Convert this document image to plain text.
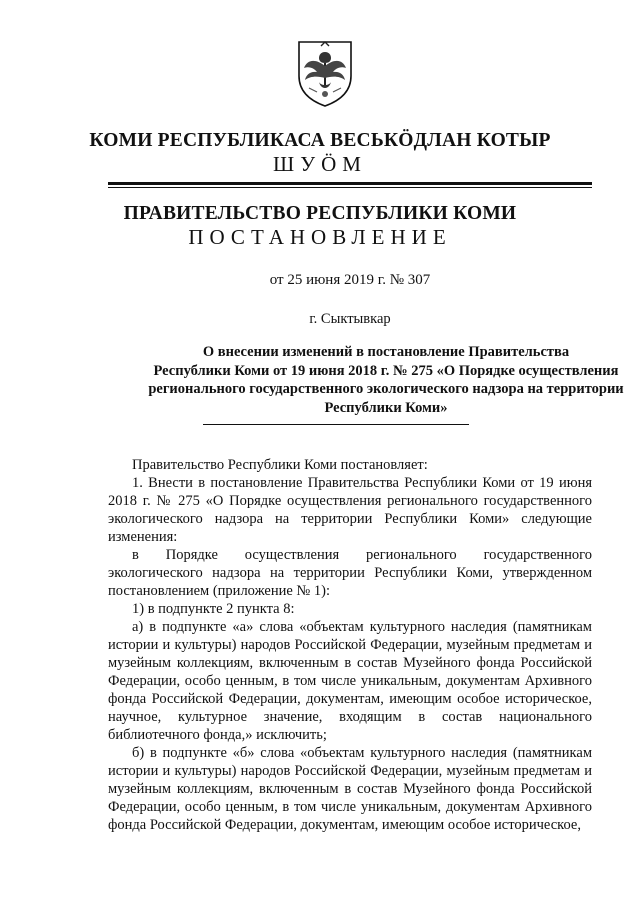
КОМИ РЕСПУБЛИКАСА ВЕСЬКӦДЛАН КОТЫР
ШУӦМ
ПРАВИТЕЛЬСТВО РЕСПУБЛИКИ КОМИ
ПОСТАНОВЛЕНИЕ
от 25 июня 2019 г. № 307
г. Сыктывкар
О внесении изменений в постановление Правительства
Республики Коми от 19 июня 2018 г. № 275 «О Порядке осуществления
регионального государственного экологического надзора на территории
Республики Коми»

Правительство Республики Коми постановляет:

1. Внести в постановление Правительства Республики Коми от 19 июня 2018 г. № 275 «О Порядке осуществления регионального государственного экологического надзора на территории Республики Коми» следующие изменения:

в Порядке осуществления регионального государственного экологического надзора на территории Республики Коми, утвержденном постановлением (приложение № 1):

1) в подпункте 2 пункта 8:

а) в подпункте «а» слова «объектам культурного наследия (памятникам истории и культуры) народов Российской Федерации, музейным предметам и музейным коллекциям, включенным в состав Музейного фонда Российской Федерации, особо ценным, в том числе уникальным, документам Архивного фонда Российской Федерации, документам, имеющим особое историческое, научное, культурное значение, входящим в состав национального библиотечного фонда,» исключить;

б) в подпункте «б» слова «объектам культурного наследия (памятникам истории и культуры) народов Российской Федерации, музейным предметам и музейным коллекциям, включенным в состав Музейного фонда Российской Федерации, особо ценным, в том числе уникальным, документам Архивного фонда Российской Федерации, документам, имеющим особое историческое,
